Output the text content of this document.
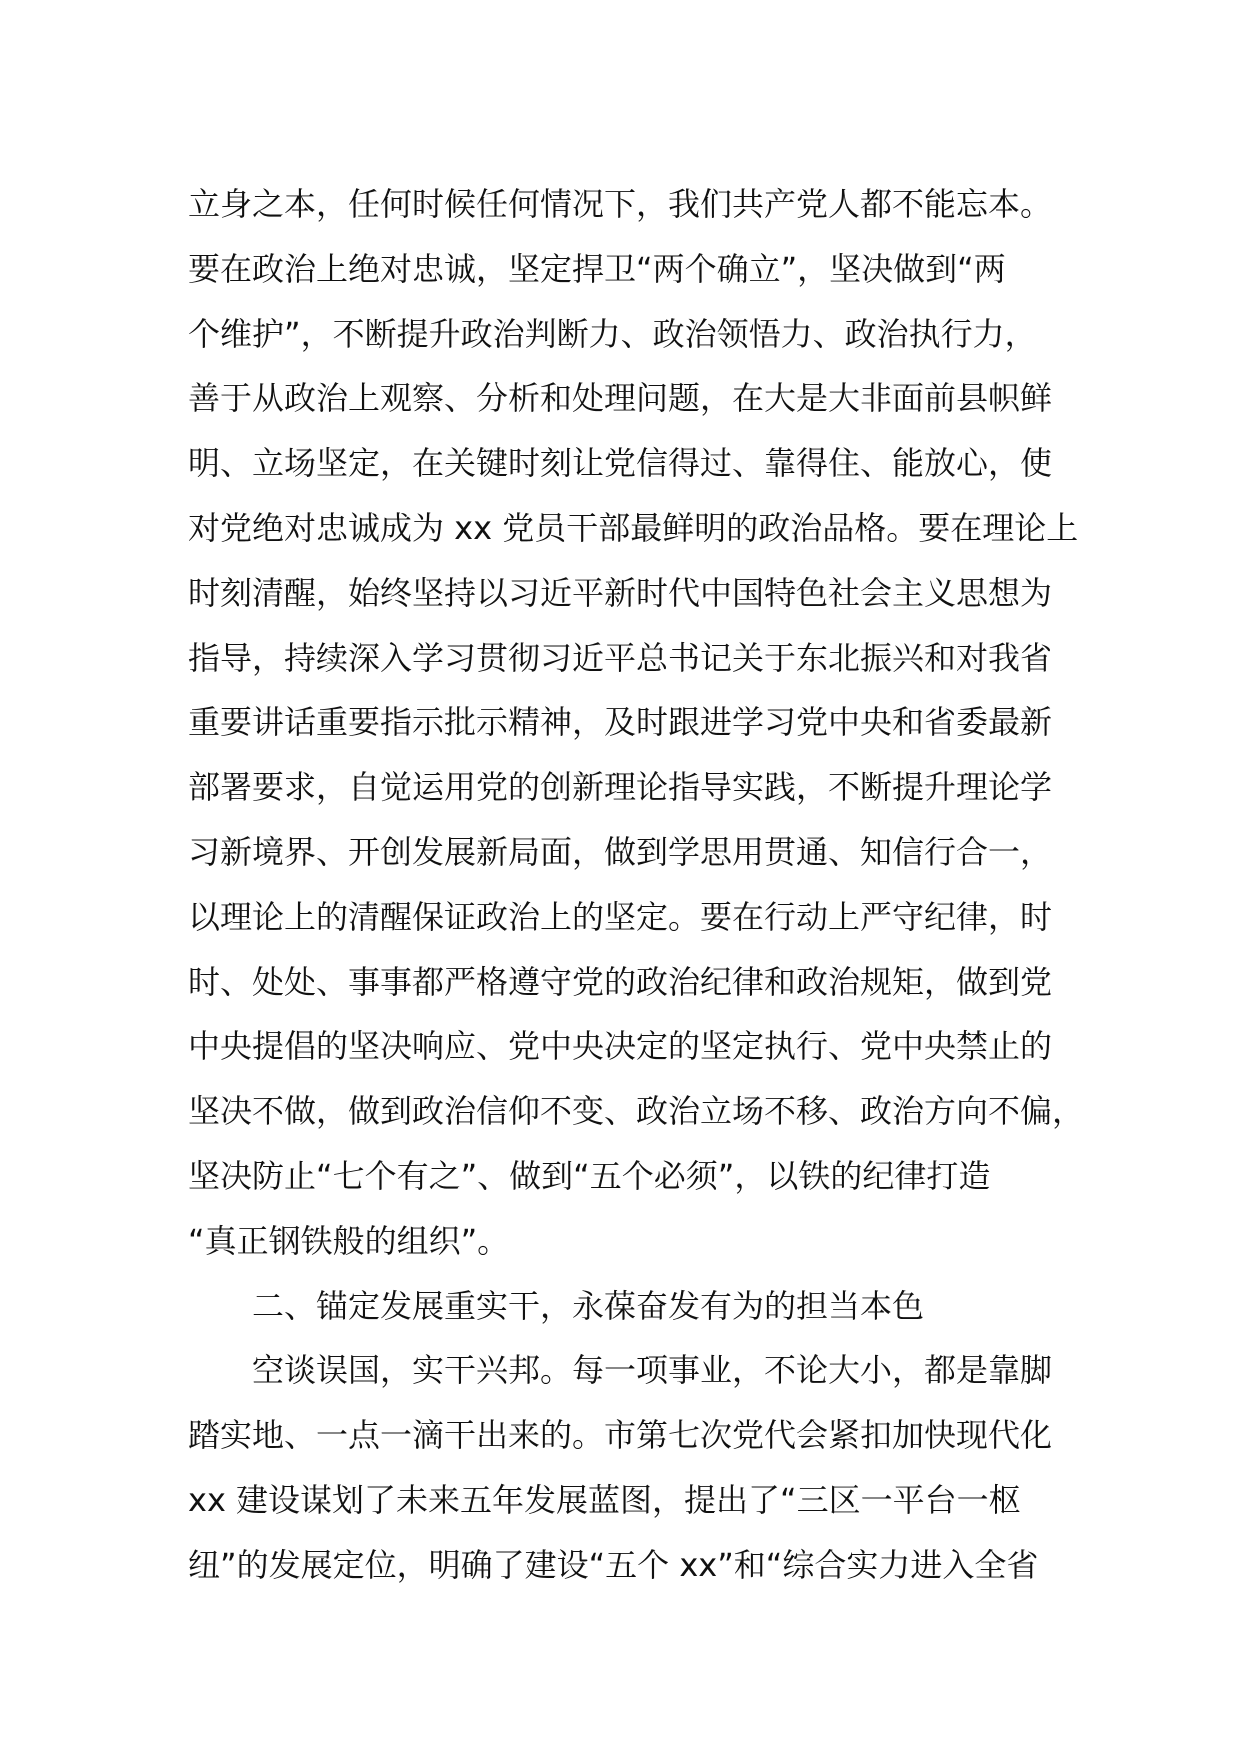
立身之本，任何时候任何情况下，我们共产党人都不能忘本。
要在政治上绝对忠诚，坚定捍卫“两个确立”，坚决做到“两
个维护”，不断提升政治判断力、政治领悟力、政治执行力，
善于从政治上观察、分析和处理问题，在大是大非面前县帜鲜
明、立场坚定，在关键时刻让党信得过、靠得住、能放心，使
对党绝对忠诚成为 xx 党员干部最鲜明的政治品格。要在理论上
时刻清醒，始终坚持以习近平新时代中国特色社会主义思想为
指导，持续深入学习贯彻习近平总书记关于东北振兴和对我省
重要讲话重要指示批示精神，及时跟进学习党中央和省委最新
部署要求，自觉运用党的创新理论指导实践，不断提升理论学
习新境界、开创发展新局面，做到学思用贯通、知信行合一，
以理论上的清醒保证政治上的坚定。要在行动上严守纪律，时
时、处处、事事都严格遵守党的政治纪律和政治规矩，做到党
中央提倡的坚决响应、党中央决定的坚定执行、党中央禁止的
坚决不做，做到政治信仰不变、政治立场不移、政治方向不偏，
坚决防止“七个有之”、做到“五个必须”，以铁的纪律打造
“真正钢铁般的组织”。
二、锚定发展重实干，永葆奋发有为的担当本色
空谈误国，实干兴邦。每一项事业，不论大小，都是靠脚
踏实地、一点一滴干出来的。市第七次党代会紧扣加快现代化
xx 建设谋划了未来五年发展蓝图，提出了“三区一平台一枢
纽”的发展定位，明确了建设“五个 xx”和“综合实力进入全省
